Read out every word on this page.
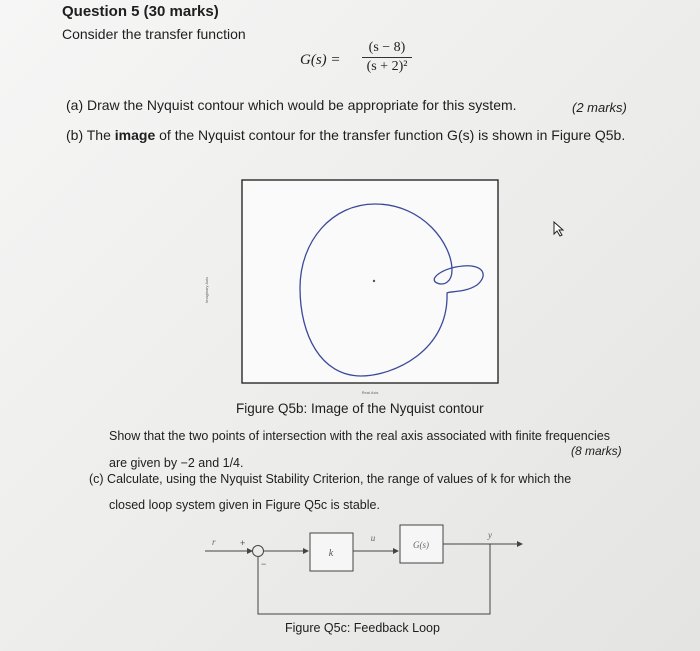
Question 5 (30 marks)
Consider the transfer function
$G(s) = \frac{(s - 8)}{\text{(s + 2)²}}$
(a) Draw the Nyquist contour which would be appropriate for this system.	(2 marks)
(b) The image of the Nyquist contour for the transfer function G(s) is shown in Figure Q5b.
Imaginary Axis
Real Axis
Figure Q5b: Image of the Nyquist contour
Show that the two points of intersection with the real axis associated with finite frequencies
are given by −2 and 1/4.
(8 marks)
(c) Calculate, using the Nyquist Stability Criterion, the range of values of k for which the
closed loop system given in Figure Q5c is stable.
r	+
−
k
u
G(s)
y
Figure Q5c: Feedback Loop
